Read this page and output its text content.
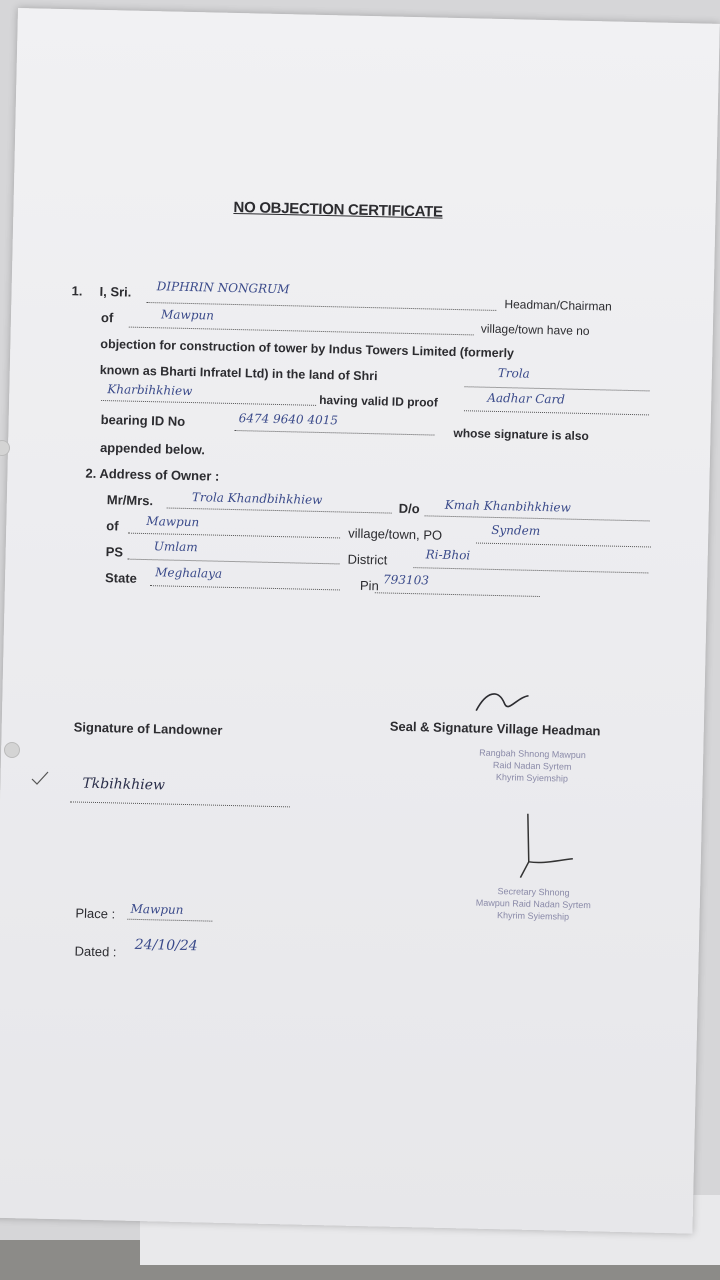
NO OBJECTION CERTIFICATE
1. I, Sri. DIPHRIN NONGRUM
Headman/Chairman
of	Mawpun
village/town have no
objection for construction of tower by Indus Towers Limited (formerly
known as Bharti Infratel Ltd) in the land of Shri	Trola
Kharbihkhiew
having valid ID proof	Aadhar Card
bearing ID No	6474 9640 4015
whose signature is also
appended below.
2. Address of Owner :
Mr/Mrs.	Trola Khandbihkhiew
D/o Kmah Khanbihkhiew
of Mawpun
village/town, PO	Syndem
PS	Umlam
District	Ri-Bhoi
State Meghalaya
Pin 793103
Signature of Landowner	Seal & Signature Village Headman
Rangbah Shnong Mawpun
Raid Nadan Syrtem
Khyrim Syiemship
Tkbihkhiew
Secretary Shnong
Mawpun Raid Nadan Syrtem
Khyrim Syiemship
Place : Mawpun
Dated : 24/10/24
